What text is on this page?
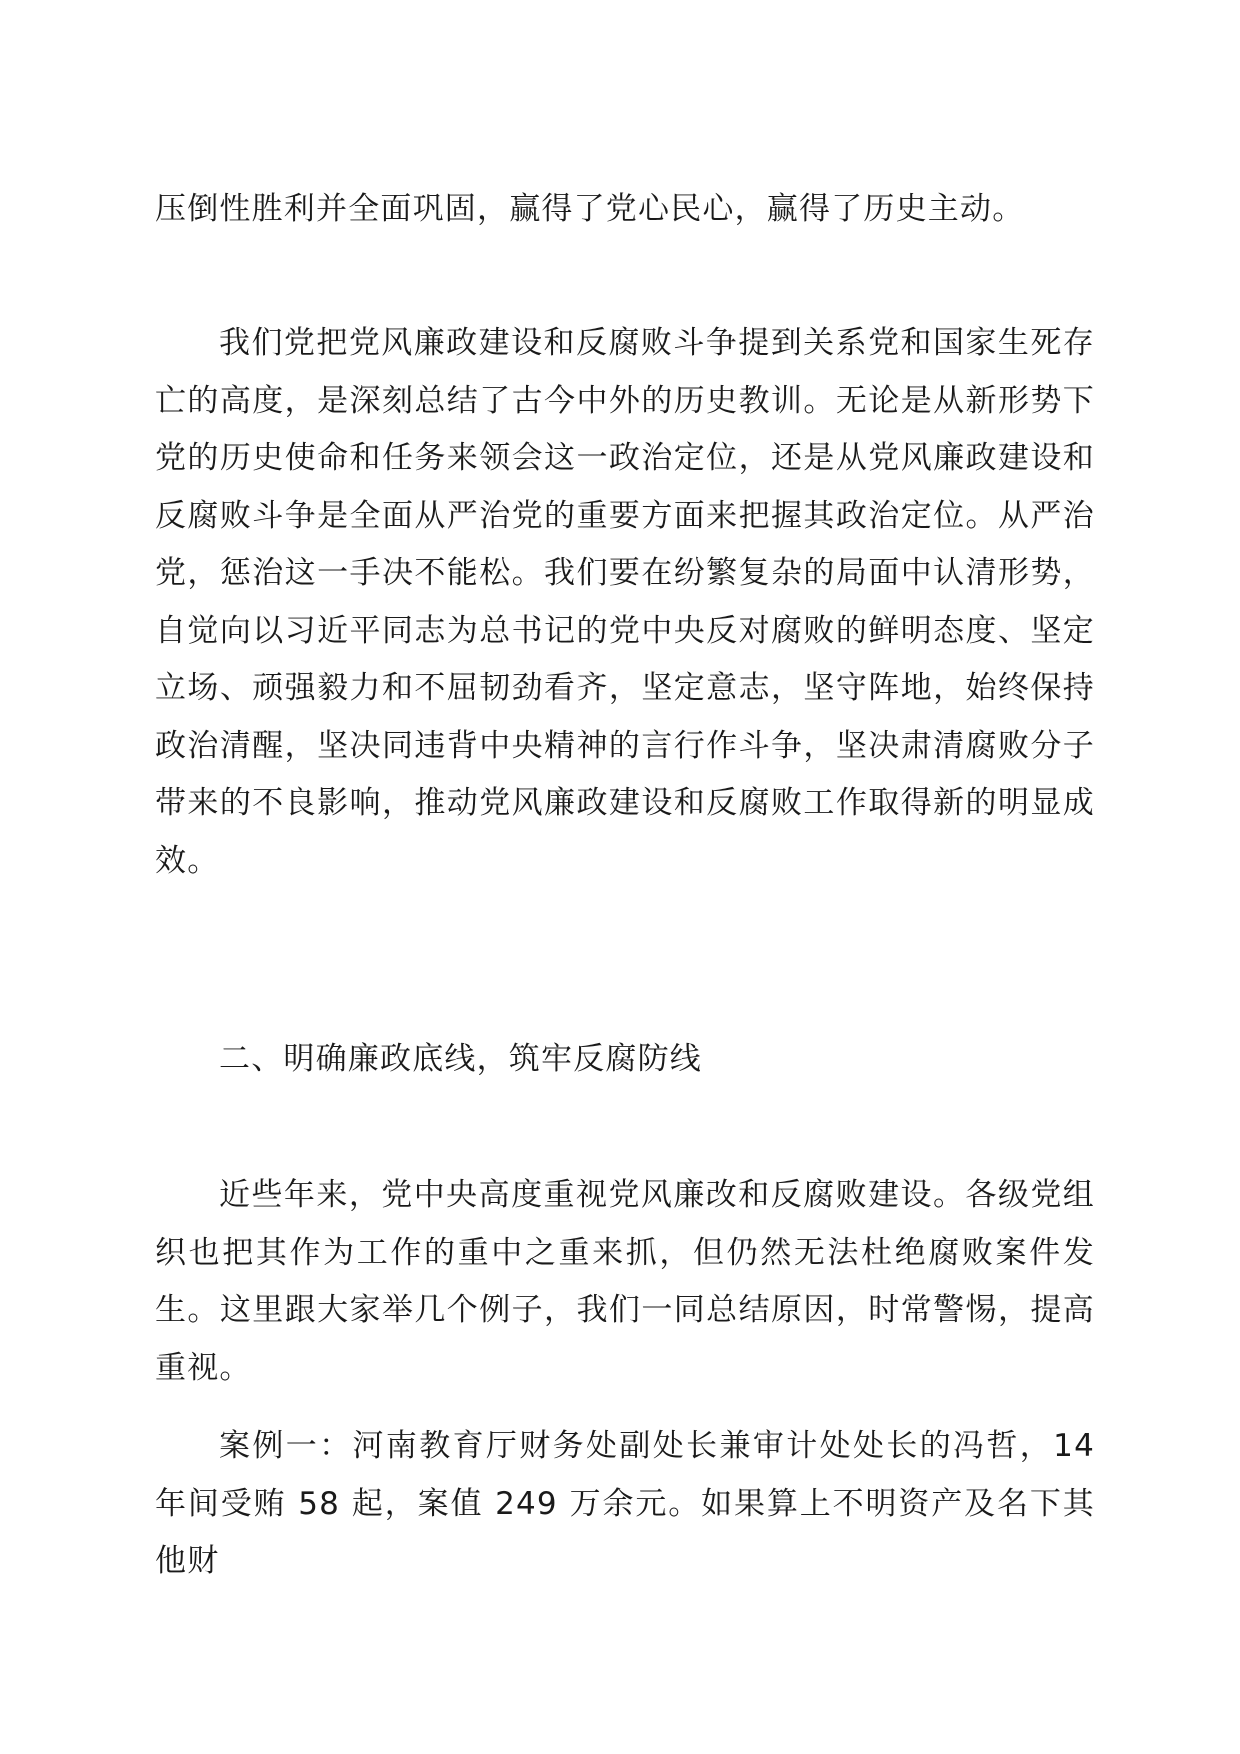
压倒性胜利并全面巩固，赢得了党心民心，赢得了历史主动。

我们党把党风廉政建设和反腐败斗争提到关系党和国家生死存亡的高度，是深刻总结了古今中外的历史教训。无论是从新形势下党的历史使命和任务来领会这一政治定位，还是从党风廉政建设和反腐败斗争是全面从严治党的重要方面来把握其政治定位。从严治党，惩治这一手决不能松。我们要在纷繁复杂的局面中认清形势，自觉向以习近平同志为总书记的党中央反对腐败的鲜明态度、坚定立场、顽强毅力和不屈韧劲看齐，坚定意志，坚守阵地，始终保持政治清醒，坚决同违背中央精神的言行作斗争，坚决肃清腐败分子带来的不良影响，推动党风廉政建设和反腐败工作取得新的明显成效。

二、明确廉政底线，筑牢反腐防线

近些年来，党中央高度重视党风廉改和反腐败建设。各级党组织也把其作为工作的重中之重来抓，但仍然无法杜绝腐败案件发生。这里跟大家举几个例子，我们一同总结原因，时常警惕，提高重视。

案例一：河南教育厅财务处副处长兼审计处处长的冯哲，14 年间受贿 58 起，案值 249 万余元。如果算上不明资产及名下其他财
